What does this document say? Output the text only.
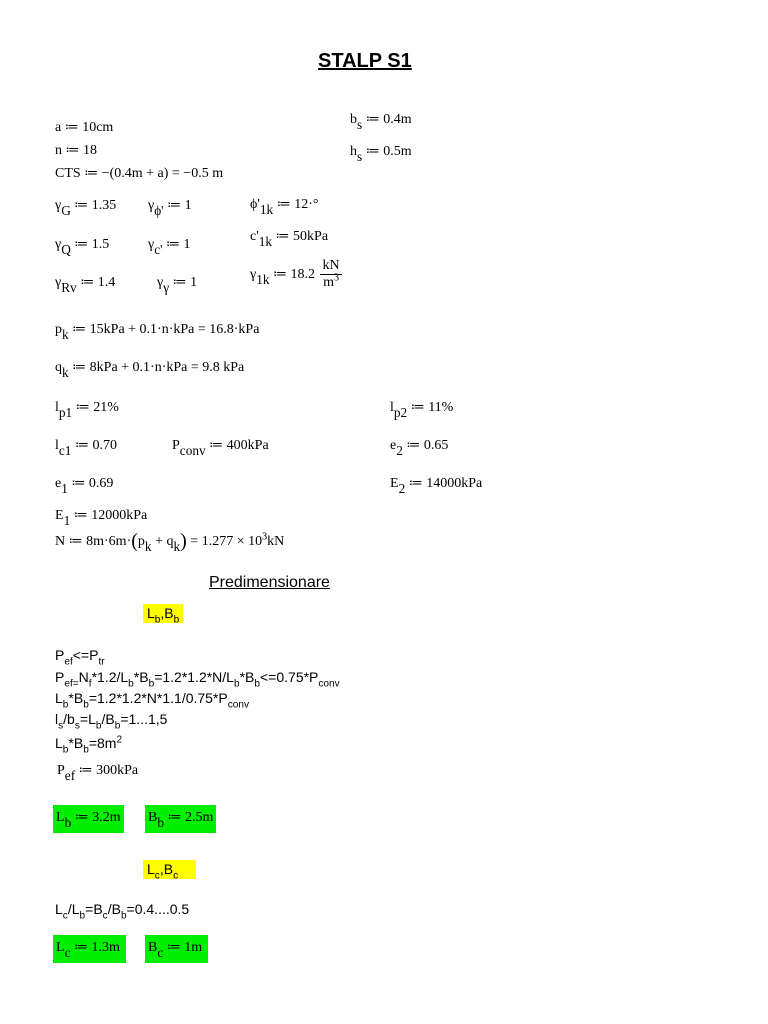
STALP S1
a ≔ 10cm
n ≔ 18
CTS ≔ −(0.4m + a) = −0.5 m
bs ≔ 0.4m
hs ≔ 0.5m
γG ≔ 1.35 γϕ' ≔ 1	ϕ'1k ≔ 12·°
γQ ≔ 1.5	γc' ≔ 1
c'1k ≔ 50kPa
γRv ≔ 1.4	γγ ≔ 1
γ1k ≔ $18.2 \frac{kN}{m^3}$
pk ≔ 15kPa + 0.1·n·kPa = 16.8·kPa
qk ≔ 8kPa + 0.1·n·kPa = 9.8 kPa
lp1 ≔ 21%	lp2 ≔ 11%
lc1 ≔ 0.70	Pconv ≔ 400kPa	e2 ≔ 0.65
e1 ≔ 0.69	E2 ≔ 14000kPa
E1 ≔ 12000kPa
N ≔ $8m\cdot 6m\cdot(pk + qk) = 1.277 \times 10^3kN$
Predimensionare
$L_b,B_b$
$P_{ef}<=P_{tr}$
$P_{ef=}N_f*1.2/L_b*B_b=1.2*1.2*N/L_b*B_b<=0.75*P_{conv}$
$L_b*B_b=1.2*1.2*N*1.1/0.75*P_{conv}$
$l_s/b_s=L_b/B_b=1...1,5$
$L_b*B_b=8m^2$
Pef ≔ 300kPa
Lb ≔ 3.2m Bb ≔ 2.5m
$L_c,B_c$
$L_c/L_b=B_c/B_b=0.4....0.5$
Lc ≔ 1.3m	Bc ≔ 1m
